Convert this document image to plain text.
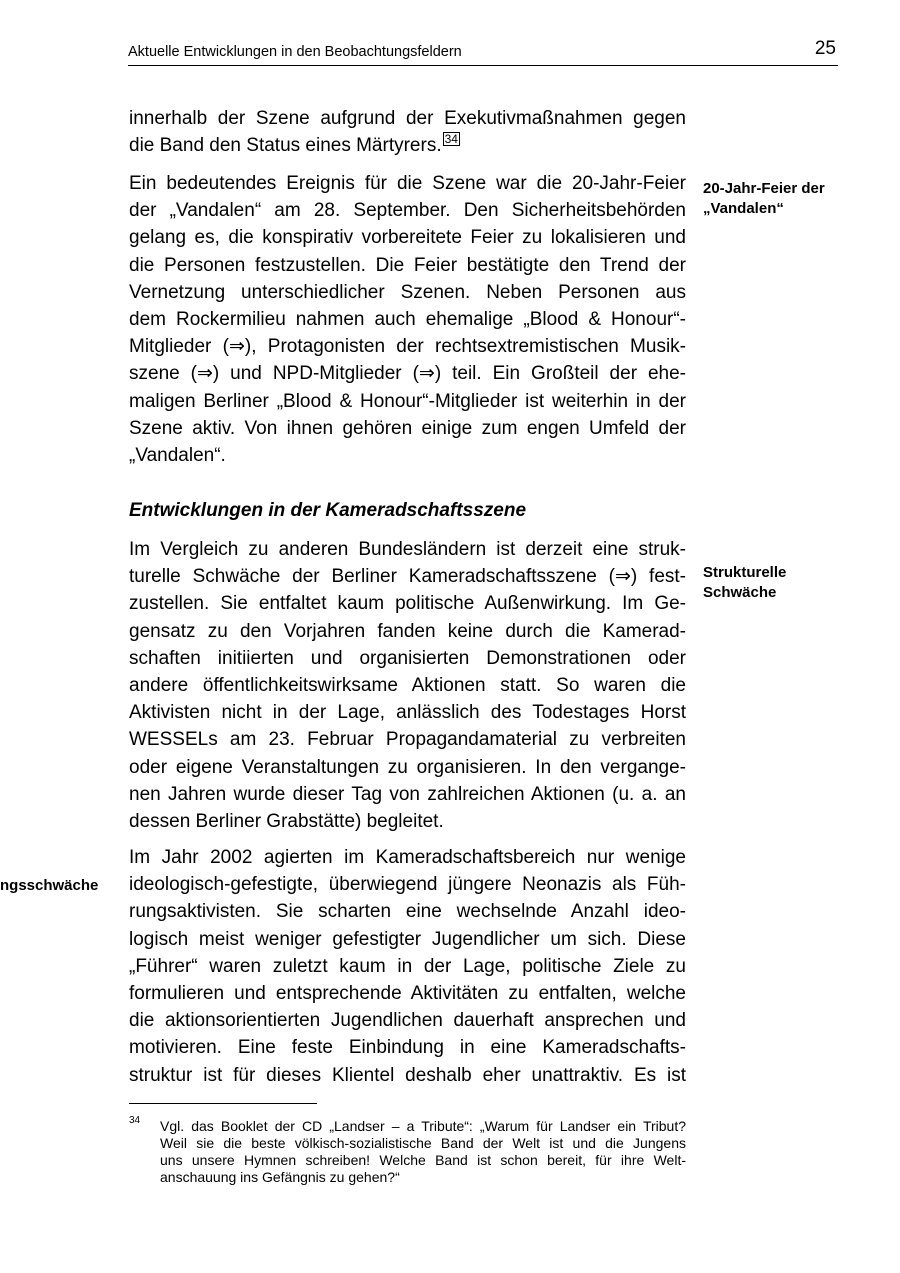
Aktuelle Entwicklungen in den Beobachtungsfeldern	25
innerhalb der Szene aufgrund der Exekutivmaßnahmen gegen
die Band den Status eines Märtyrers. 34
20-Jahr-Feier der
„Vandalen“
Ein bedeutendes Ereignis für die Szene war die 20-Jahr-Feier
der „Vandalen“ am 28. September. Den Sicherheitsbehörden
gelang es, die konspirativ vorbereitete Feier zu lokalisieren und
die Personen festzustellen. Die Feier bestätigte den Trend der
Vernetzung unterschiedlicher Szenen. Neben Personen aus
dem Rockermilieu nahmen auch ehemalige „Blood & Honour“-
Mitglieder (⇒), Protagonisten der rechtsextremistischen Musik-
szene (⇒) und NPD-Mitglieder (⇒) teil. Ein Großteil der ehe-
maligen Berliner „Blood & Honour“-Mitglieder ist weiterhin in der
Szene aktiv. Von ihnen gehören einige zum engen Umfeld der
„Vandalen“.
Entwicklungen in der Kameradschaftsszene
Strukturelle
Schwäche
Im Vergleich zu anderen Bundesländern ist derzeit eine struk-
turelle Schwäche der Berliner Kameradschaftsszene (⇒) fest-
zustellen. Sie entfaltet kaum politische Außenwirkung. Im Ge-
gensatz zu den Vorjahren fanden keine durch die Kamerad-
schaften initiierten und organisierten Demonstrationen oder
andere öffentlichkeitswirksame Aktionen statt. So waren die
Aktivisten nicht in der Lage, anlässlich des Todestages Horst
WESSELs am 23. Februar Propagandamaterial zu verbreiten
oder eigene Veranstaltungen zu organisieren. In den vergange-
nen Jahren wurde dieser Tag von zahlreichen Aktionen (u. a. an
dessen Berliner Grabstätte) begleitet.
ngsschwäche
Im Jahr 2002 agierten im Kameradschaftsbereich nur wenige
ideologisch-gefestigte, überwiegend jüngere Neonazis als Füh-
rungsaktivisten. Sie scharten eine wechselnde Anzahl ideo-
logisch meist weniger gefestigter Jugendlicher um sich. Diese
„Führer“ waren zuletzt kaum in der Lage, politische Ziele zu
formulieren und entsprechende Aktivitäten zu entfalten, welche
die aktionsorientierten Jugendlichen dauerhaft ansprechen und
motivieren. Eine feste Einbindung in eine Kameradschafts-
struktur ist für dieses Klientel deshalb eher unattraktiv. Es ist
34 Vgl. das Booklet der CD „Landser – a Tribute“: „Warum für Landser ein Tribut?
Weil sie die beste völkisch-sozialistische Band der Welt ist und die Jungens
uns unsere Hymnen schreiben! Welche Band ist schon bereit, für ihre Welt-
anschauung ins Gefängnis zu gehen?“
